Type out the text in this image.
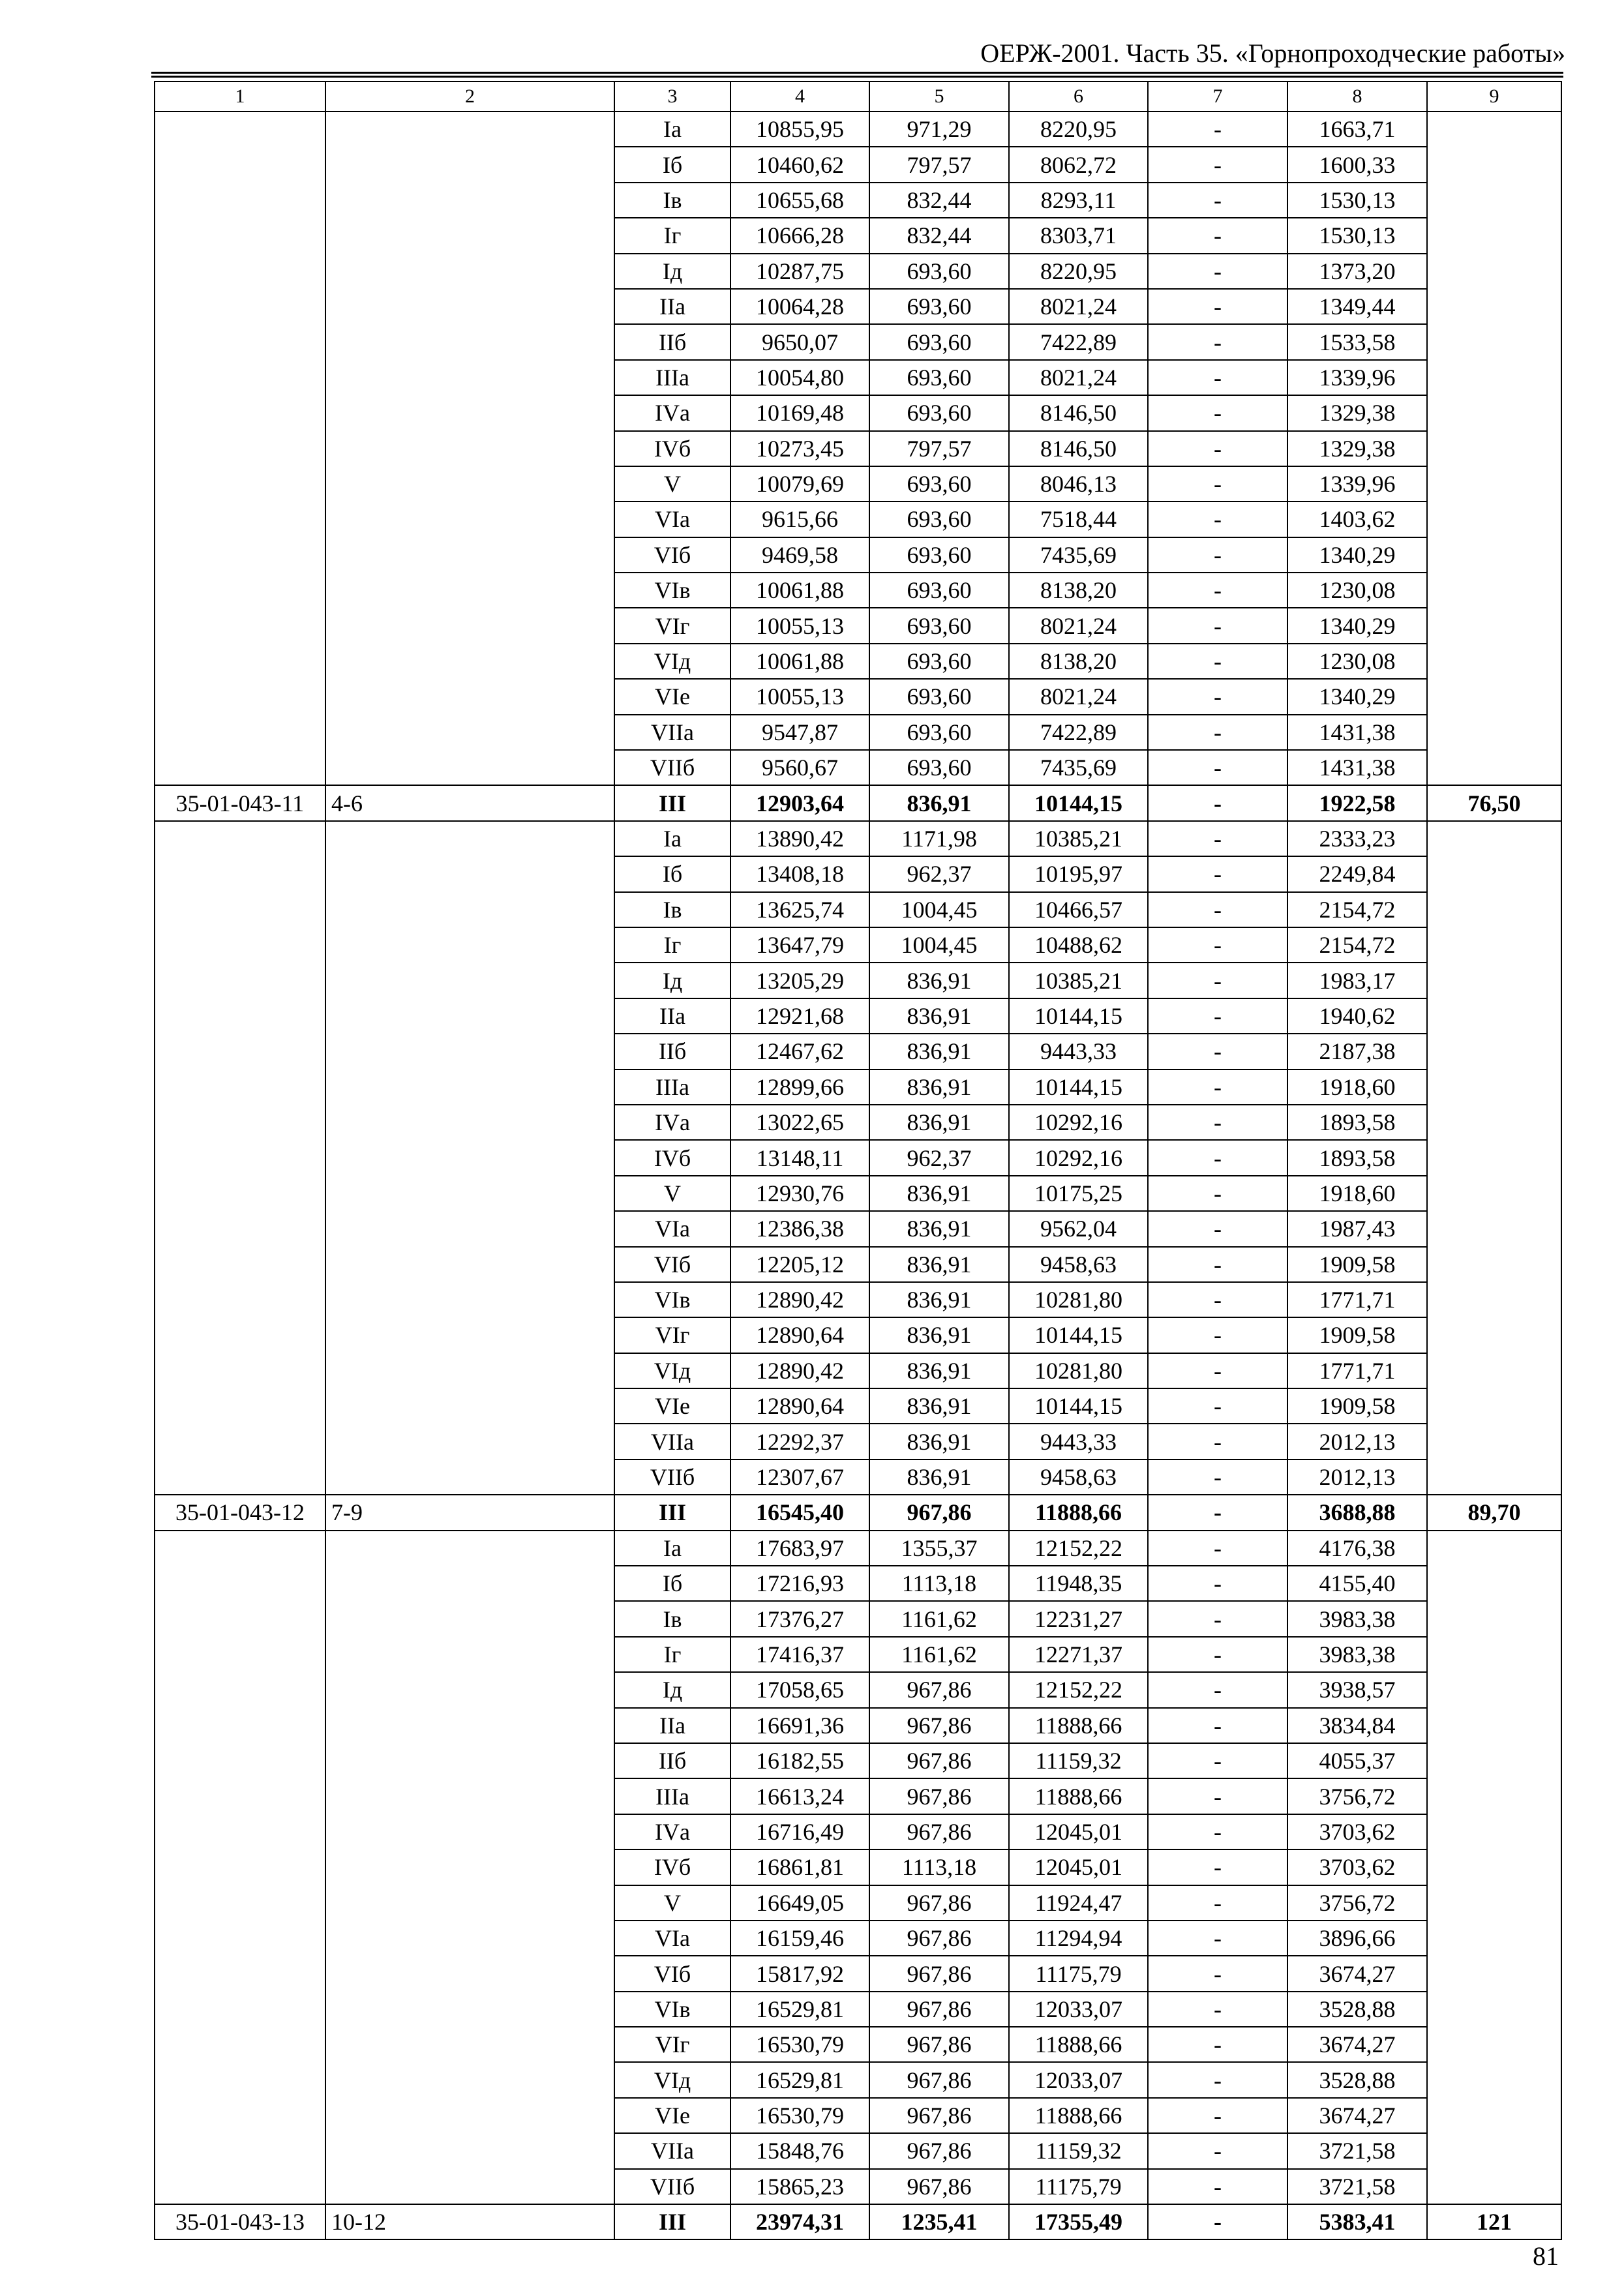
ОЕРЖ-2001. Часть 35. «Горнопроходческие работы»
1	2	3	4	5	6	7	8	9
		Iа	10855,95	971,29	8220,95	-	1663,71	
		Iб	10460,62	797,57	8062,72	-	1600,33	
		Iв	10655,68	832,44	8293,11	-	1530,13	
		Iг	10666,28	832,44	8303,71	-	1530,13	
		Iд	10287,75	693,60	8220,95	-	1373,20	
		IIа	10064,28	693,60	8021,24	-	1349,44	
		IIб	9650,07	693,60	7422,89	-	1533,58	
		IIIа	10054,80	693,60	8021,24	-	1339,96	
		IVа	10169,48	693,60	8146,50	-	1329,38	
		IVб	10273,45	797,57	8146,50	-	1329,38	
		V	10079,69	693,60	8046,13	-	1339,96	
		VIа	9615,66	693,60	7518,44	-	1403,62	
		VIб	9469,58	693,60	7435,69	-	1340,29	
		VIв	10061,88	693,60	8138,20	-	1230,08	
		VIг	10055,13	693,60	8021,24	-	1340,29	
		VIд	10061,88	693,60	8138,20	-	1230,08	
		VIе	10055,13	693,60	8021,24	-	1340,29	
		VIIа	9547,87	693,60	7422,89	-	1431,38	
		VIIб	9560,67	693,60	7435,69	-	1431,38	
35-01-043-11	4-6	III	12903,64	836,91	10144,15	-	1922,58	76,50
		Iа	13890,42	1171,98	10385,21	-	2333,23	
		Iб	13408,18	962,37	10195,97	-	2249,84	
		Iв	13625,74	1004,45	10466,57	-	2154,72	
		Iг	13647,79	1004,45	10488,62	-	2154,72	
		Iд	13205,29	836,91	10385,21	-	1983,17	
		IIа	12921,68	836,91	10144,15	-	1940,62	
		IIб	12467,62	836,91	9443,33	-	2187,38	
		IIIа	12899,66	836,91	10144,15	-	1918,60	
		IVа	13022,65	836,91	10292,16	-	1893,58	
		IVб	13148,11	962,37	10292,16	-	1893,58	
		V	12930,76	836,91	10175,25	-	1918,60	
		VIа	12386,38	836,91	9562,04	-	1987,43	
		VIб	12205,12	836,91	9458,63	-	1909,58	
		VIв	12890,42	836,91	10281,80	-	1771,71	
		VIг	12890,64	836,91	10144,15	-	1909,58	
		VIд	12890,42	836,91	10281,80	-	1771,71	
		VIе	12890,64	836,91	10144,15	-	1909,58	
		VIIа	12292,37	836,91	9443,33	-	2012,13	
		VIIб	12307,67	836,91	9458,63	-	2012,13	
35-01-043-12	7-9	III	16545,40	967,86	11888,66	-	3688,88	89,70
		Iа	17683,97	1355,37	12152,22	-	4176,38	
		Iб	17216,93	1113,18	11948,35	-	4155,40	
		Iв	17376,27	1161,62	12231,27	-	3983,38	
		Iг	17416,37	1161,62	12271,37	-	3983,38	
		Iд	17058,65	967,86	12152,22	-	3938,57	
		IIа	16691,36	967,86	11888,66	-	3834,84	
		IIб	16182,55	967,86	11159,32	-	4055,37	
		IIIа	16613,24	967,86	11888,66	-	3756,72	
		IVа	16716,49	967,86	12045,01	-	3703,62	
		IVб	16861,81	1113,18	12045,01	-	3703,62	
		V	16649,05	967,86	11924,47	-	3756,72	
		VIа	16159,46	967,86	11294,94	-	3896,66	
		VIб	15817,92	967,86	11175,79	-	3674,27	
		VIв	16529,81	967,86	12033,07	-	3528,88	
		VIг	16530,79	967,86	11888,66	-	3674,27	
		VIд	16529,81	967,86	12033,07	-	3528,88	
		VIе	16530,79	967,86	11888,66	-	3674,27	
		VIIа	15848,76	967,86	11159,32	-	3721,58	
		VIIб	15865,23	967,86	11175,79	-	3721,58	
35-01-043-13	10-12	III	23974,31	1235,41	17355,49	-	5383,41	121
81
